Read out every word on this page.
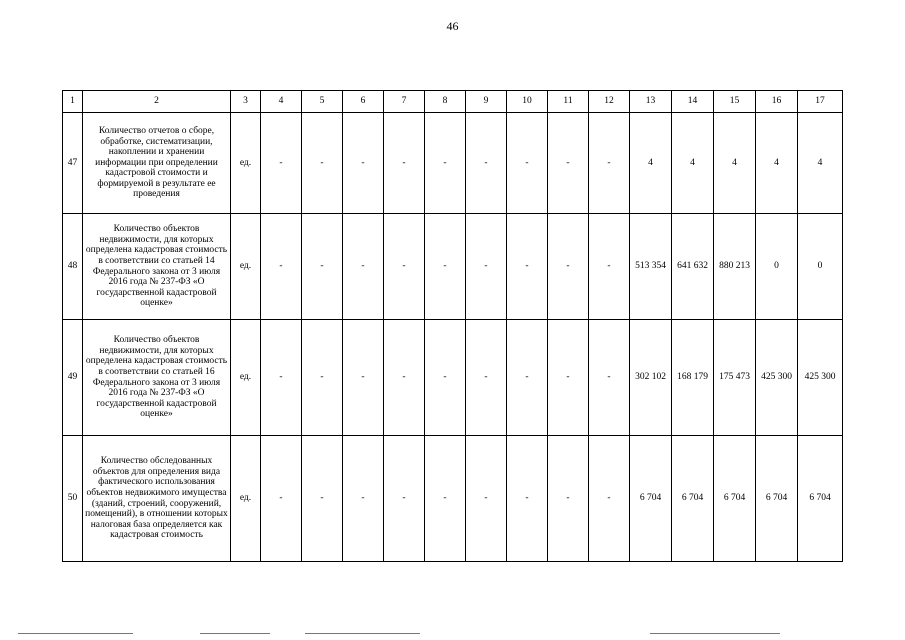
46
1	2	3	4	5	6	7	8	9	10	11	12	13	14	15	16	17
47	Количество отчетов о сборе, обработке, систематизации, накоплении и хранении информации при определении кадастровой стоимости и формируемой в результате ее проведения	ед.	-	-	-	-	-	-	-	-	-	4	4	4	4	4
48	Количество объектов недвижимости, для которых определена кадастровая стоимость в соответствии со статьей 14 Федерального закона от 3 июля 2016 года № 237-ФЗ «О государственной кадастровой оценке»	ед.	-	-	-	-	-	-	-	-	-	513 354	641 632	880 213	0	0
49	Количество объектов недвижимости, для которых определена кадастровая стоимость в соответствии со статьей 16 Федерального закона от 3 июля 2016 года № 237-ФЗ «О государственной кадастровой оценке»	ед.	-	-	-	-	-	-	-	-	-	302 102	168 179	175 473	425 300	425 300
50	Количество обследованных объектов для определения вида фактического использования объектов недвижимого имущества (зданий, строений, сооружений, помещений), в отношении которых налоговая база определяется как кадастровая стоимость	ед.	-	-	-	-	-	-	-	-	-	6 704	6 704	6 704	6 704	6 704
